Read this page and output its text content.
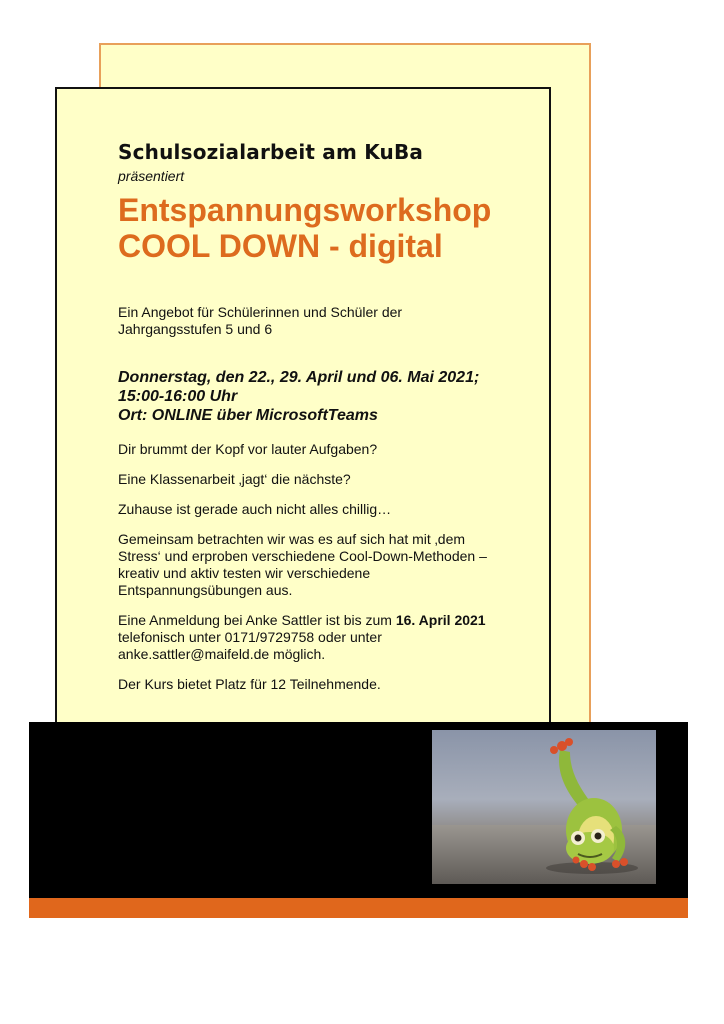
Schulsozialarbeit am KuBa

präsentiert

Entspannungsworkshop
COOL DOWN - digital

Ein Angebot für Schülerinnen und Schüler der
Jahrgangsstufen 5 und 6

Donnerstag, den 22., 29. April und 06. Mai 2021;
15:00-16:00 Uhr
Ort: ONLINE über MicrosoftTeams

Dir brummt der Kopf vor lauter Aufgaben?

Eine Klassenarbeit ‚jagt‘ die nächste?

Zuhause ist gerade auch nicht alles chillig…

Gemeinsam betrachten wir was es auf sich hat mit ‚dem
Stress‘ und erproben verschiedene Cool-Down-Methoden –
kreativ und aktiv testen wir verschiedene
Entspannungsübungen aus.

Eine Anmeldung bei Anke Sattler ist bis zum 16. April 2021
telefonisch unter 0171/9729758 oder unter
anke.sattler@maifeld.de möglich.

Der Kurs bietet Platz für 12 Teilnehmende.
